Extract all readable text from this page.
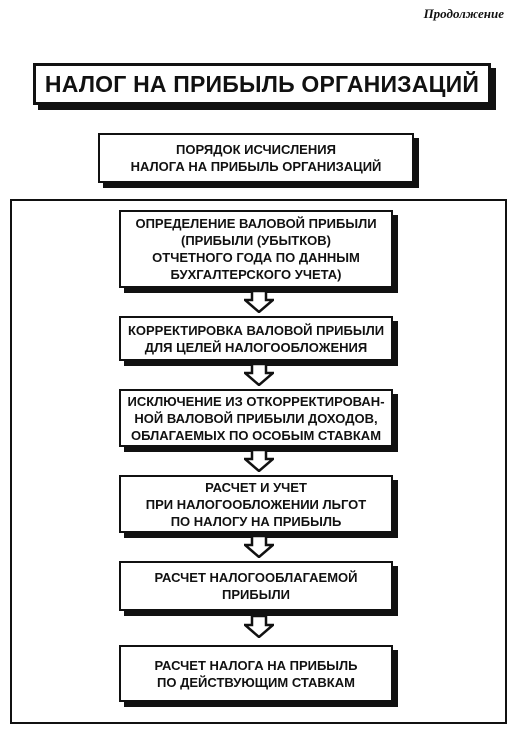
Продолжение
НАЛОГ НА ПРИБЫЛЬ ОРГАНИЗАЦИЙ
ПОРЯДОК ИСЧИСЛЕНИЯ
НАЛОГА НА ПРИБЫЛЬ ОРГАНИЗАЦИЙ
ОПРЕДЕЛЕНИЕ ВАЛОВОЙ ПРИБЫЛИ
(ПРИБЫЛИ (УБЫТКОВ)
ОТЧЕТНОГО ГОДА ПО ДАННЫМ
БУХГАЛТЕРСКОГО УЧЕТА)
КОРРЕКТИРОВКА ВАЛОВОЙ ПРИБЫЛИ
ДЛЯ ЦЕЛЕЙ НАЛОГООБЛОЖЕНИЯ
ИСКЛЮЧЕНИЕ ИЗ ОТКОРРЕКТИРОВАН-
НОЙ ВАЛОВОЙ ПРИБЫЛИ ДОХОДОВ,
ОБЛАГАЕМЫХ ПО ОСОБЫМ СТАВКАМ
РАСЧЕТ И УЧЕТ
ПРИ НАЛОГООБЛОЖЕНИИ ЛЬГОТ
ПО НАЛОГУ НА ПРИБЫЛЬ
РАСЧЕТ НАЛОГООБЛАГАЕМОЙ
ПРИБЫЛИ
РАСЧЕТ НАЛОГА НА ПРИБЫЛЬ
ПО ДЕЙСТВУЮЩИМ СТАВКАМ
